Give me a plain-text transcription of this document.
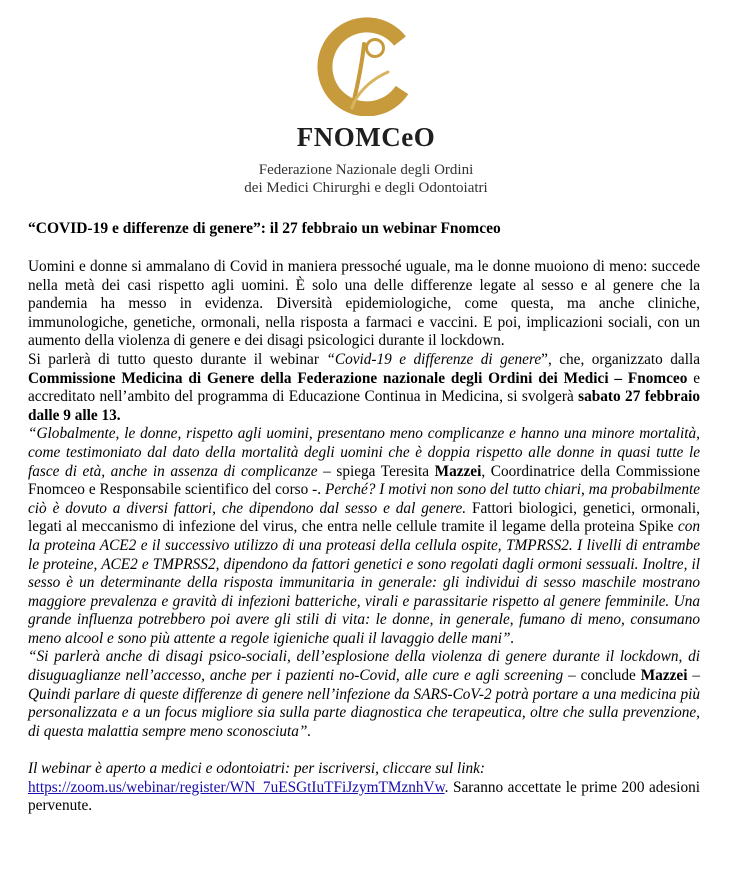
FNOMCeO
Federazione Nazionale degli Ordini
dei Medici Chirurghi e degli Odontoiatri
“COVID-19 e differenze di genere”: il 27 febbraio un webinar Fnomceo

Uomini e donne si ammalano di Covid in maniera pressoché uguale, ma le donne muoiono di meno: succede nella metà dei casi rispetto agli uomini. È solo una delle differenze legate al sesso e al genere che la pandemia ha messo in evidenza. Diversità epidemiologiche, come questa, ma anche cliniche, immunologiche, genetiche, ormonali, nella risposta a farmaci e vaccini. E poi, implicazioni sociali, con un aumento della violenza di genere e dei disagi psicologici durante il lockdown.

Si parlerà di tutto questo durante il webinar “Covid-19 e differenze di genere”, che, organizzato dalla Commissione Medicina di Genere della Federazione nazionale degli Ordini dei Medici – Fnomceo e accreditato nell’ambito del programma di Educazione Continua in Medicina, si svolgerà sabato 27 febbraio dalle 9 alle 13.

“Globalmente, le donne, rispetto agli uomini, presentano meno complicanze e hanno una minore mortalità, come testimoniato dal dato della mortalità degli uomini che è doppia rispetto alle donne in quasi tutte le fasce di età, anche in assenza di complicanze – spiega Teresita Mazzei, Coordinatrice della Commissione Fnomceo e Responsabile scientifico del corso -. Perché? I motivi non sono del tutto chiari, ma probabilmente ciò è dovuto a diversi fattori, che dipendono dal sesso e dal genere. Fattori biologici, genetici, ormonali, legati al meccanismo di infezione del virus, che entra nelle cellule tramite il legame della proteina Spike con la proteina ACE2 e il successivo utilizzo di una proteasi della cellula ospite, TMPRSS2. I livelli di entrambe le proteine, ACE2 e TMPRSS2, dipendono da fattori genetici e sono regolati dagli ormoni sessuali. Inoltre, il sesso è un determinante della risposta immunitaria in generale: gli individui di sesso maschile mostrano maggiore prevalenza e gravità di infezioni batteriche, virali e parassitarie rispetto al genere femminile. Una grande influenza potrebbero poi avere gli stili di vita: le donne, in generale, fumano di meno, consumano meno alcool e sono più attente a regole igieniche quali il lavaggio delle mani”.

“Si parlerà anche di disagi psico-sociali, dell’esplosione della violenza di genere durante il lockdown, di disuguaglianze nell’accesso, anche per i pazienti no-Covid, alle cure e agli screening – conclude Mazzei – Quindi parlare di queste differenze di genere nell’infezione da SARS-CoV-2 potrà portare a una medicina più personalizzata e a un focus migliore sia sulla parte diagnostica che terapeutica, oltre che sulla prevenzione, di questa malattia sempre meno sconosciuta”.

Il webinar è aperto a medici e odontoiatri: per iscriversi, cliccare sul link:
https://zoom.us/webinar/register/WN_7uESGtIuTFiJzymTMznhVw. Saranno accettate le prime 200 adesioni pervenute.
